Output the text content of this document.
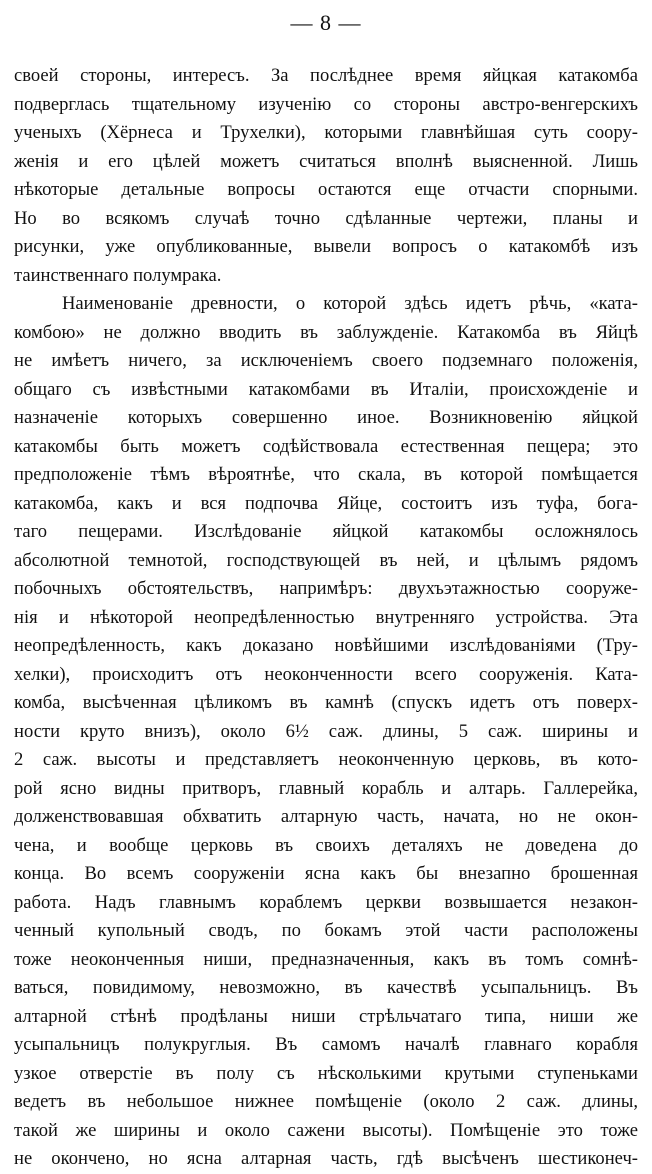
— 8 —
своей стороны, интересъ. За послѣднее время яйцкая катакомба
подверглась тщательному изученію со стороны австро-венгерскихъ
ученыхъ (Хёрнеса и Трухелки), которыми главнѣйшая суть соору-
женія и его цѣлей можетъ считаться вполнѣ выясненной. Лишь
нѣкоторые детальные вопросы остаются еще отчасти спорными.
Но во всякомъ случаѣ точно сдѣланные чертежи, планы и
рисунки, уже опубликованные, вывели вопросъ о катакомбѣ изъ
таинственнаго полумрака.
Наименованіе древности, о которой здѣсь идетъ рѣчь, «ката-
комбою» не должно вводить въ заблужденіе. Катакомба въ Яйцѣ
не имѣетъ ничего, за исключеніемъ своего подземнаго положенія,
общаго съ извѣстными катакомбами въ Италіи, происхожденіе и
назначеніе которыхъ совершенно иное. Возникновенію яйцкой
катакомбы быть можетъ содѣйствовала естественная пещера; это
предположеніе тѣмъ вѣроятнѣе, что скала, въ которой помѣщается
катакомба, какъ и вся подпочва Яйце, состоитъ изъ туфа, бога-
таго пещерами. Изслѣдованіе яйцкой катакомбы осложнялось
абсолютной темнотой, господствующей въ ней, и цѣлымъ рядомъ
побочныхъ обстоятельствъ, напримѣръ: двухъэтажностью сооруже-
нія и нѣкоторой неопредѣленностью внутренняго устройства. Эта
неопредѣленность, какъ доказано новѣйшими изслѣдованіями (Тру-
хелки), происходитъ отъ неоконченности всего сооруженія. Ката-
комба, высѣченная цѣликомъ въ камнѣ (спускъ идетъ отъ поверх-
ности круто внизъ), около 6½ саж. длины, 5 саж. ширины и
2 саж. высоты и представляетъ неоконченную церковь, въ кото-
рой ясно видны притворъ, главный корабль и алтарь. Галлерейка,
долженствовавшая обхватить алтарную часть, начата, но не окон-
чена, и вообще церковь въ своихъ деталяхъ не доведена до
конца. Во всемъ сооруженіи ясна какъ бы внезапно брошенная
работа. Надъ главнымъ кораблемъ церкви возвышается незакон-
ченный купольный сводъ, по бокамъ этой части расположены
тоже неоконченныя ниши, предназначенныя, какъ въ томъ сомнѣ-
ваться, повидимому, невозможно, въ качествѣ усыпальницъ. Въ
алтарной стѣнѣ продѣланы ниши стрѣльчатаго типа, ниши же
усыпальницъ полукруглыя. Въ самомъ началѣ главнаго корабля
узкое отверстіе въ полу съ нѣсколькими крутыми ступеньками
ведетъ въ небольшое нижнее помѣщеніе (около 2 саж. длины,
такой же ширины и около сажени высоты). Помѣщеніе это тоже
не окончено, но ясна алтарная часть, гдѣ высѣченъ шестиконеч-
